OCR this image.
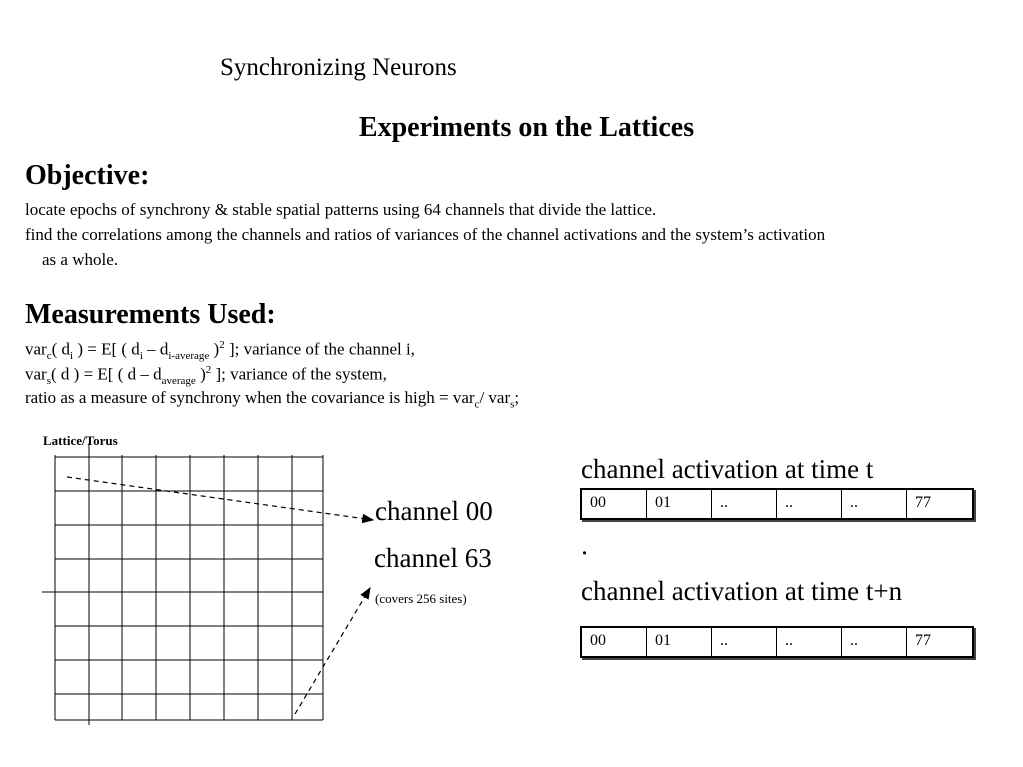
Synchronizing Neurons
Experiments on the Lattices
Objective:
locate epochs of synchrony & stable spatial patterns using 64 channels that divide the lattice.
find the correlations among the channels and ratios of variances of the channel activations and the system’s activation
as a whole.
Measurements Used:
var$_c$( $d_i$ ) = E[ ( $d_i - d_{i-average}$ )$^2$ ]; variance of the channel i,
var$_s$( d ) = E[ ( d – $d_{average}$ )$^2$ ]; variance of the system,
ratio as a measure of synchrony when the covariance is high = var$_c$/ var$_s$;
Lattice/Torus
channel 00
channel 63
(covers 256 sites)
channel activation at time t
00	01	..	..	..	77
·
channel activation at time t+n
00	01	..	..	..	77
